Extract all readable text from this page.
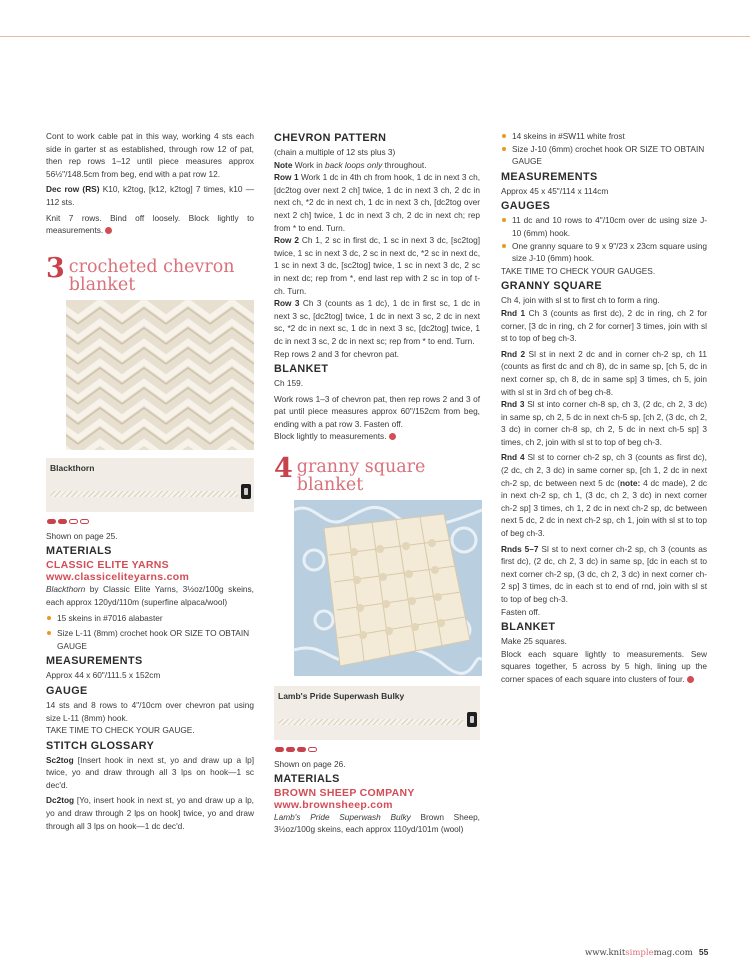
Cont to work cable pat in this way, working 4 sts each side in garter st as established, through row 12 of pat, then rep rows 1–12 until piece measures approx 56½"/148.5cm from beg, end with a pat row 12.

Dec row (RS) K10, k2tog, [k12, k2tog] 7 times, k10 — 112 sts.

Knit 7 rows. Bind off loosely. Block lightly to measurements.

3 crocheted chevron
blanket
Blackthorn

Shown on page 25.

MATERIALS
CLASSIC ELITE YARNS
www.classiceliteyarns.com

Blackthorn by Classic Elite Yarns, 3½oz/100g skeins, each approx 120yd/110m (superfine alpaca/wool)

15 skeins in #7016 alabaster

Size L-11 (8mm) crochet hook OR SIZE TO OBTAIN GAUGE

MEASUREMENTS

Approx 44 x 60"/111.5 x 152cm

GAUGE

14 sts and 8 rows to 4"/10cm over chevron pat using size L-11 (8mm) hook.

TAKE TIME TO CHECK YOUR GAUGE.

STITCH GLOSSARY

Sc2tog [Insert hook in next st, yo and draw up a lp] twice, yo and draw through all 3 lps on hook—1 sc dec'd.

Dc2tog [Yo, insert hook in next st, yo and draw up a lp, yo and draw through 2 lps on hook] twice, yo and draw through all 3 lps on hook—1 dc dec'd.

CHEVRON PATTERN

(chain a multiple of 12 sts plus 3)

Note Work in back loops only throughout.

Row 1 Work 1 dc in 4th ch from hook, 1 dc in next 3 ch, [dc2tog over next 2 ch] twice, 1 dc in next 3 ch, 2 dc in next ch, *2 dc in next ch, 1 dc in next 3 ch, [dc2tog over next 2 ch] twice, 1 dc in next 3 ch, 2 dc in next ch; rep from * to end. Turn.

Row 2 Ch 1, 2 sc in first dc, 1 sc in next 3 dc, [sc2tog] twice, 1 sc in next 3 dc, 2 sc in next dc, *2 sc in next dc, 1 sc in next 3 dc, [sc2tog] twice, 1 sc in next 3 dc, 2 sc in next dc; rep from *, end last rep with 2 sc in top of t-ch. Turn.

Row 3 Ch 3 (counts as 1 dc), 1 dc in first sc, 1 dc in next 3 sc, [dc2tog] twice, 1 dc in next 3 sc, 2 dc in next sc, *2 dc in next sc, 1 dc in next 3 sc, [dc2tog] twice, 1 dc in next 3 sc, 2 dc in next sc; rep from * to end. Turn.

Rep rows 2 and 3 for chevron pat.

BLANKET

Ch 159.

Work rows 1–3 of chevron pat, then rep rows 2 and 3 of pat until piece measures approx 60"/152cm from beg, ending with a pat row 3. Fasten off.

Block lightly to measurements.

4 granny square
blanket
Lamb's Pride Superwash Bulky

Shown on page 26.

MATERIALS
BROWN SHEEP COMPANY
www.brownsheep.com

Lamb's Pride Superwash Bulky Brown Sheep, 3½oz/100g skeins, each approx 110yd/101m (wool)

14 skeins in #SW11 white frost

Size J-10 (6mm) crochet hook OR SIZE TO OBTAIN GAUGE

MEASUREMENTS

Approx 45 x 45"/114 x 114cm

GAUGES

11 dc and 10 rows to 4"/10cm over dc using size J-10 (6mm) hook.

One granny square to 9 x 9"/23 x 23cm square using size J-10 (6mm) hook.

TAKE TIME TO CHECK YOUR GAUGES.

GRANNY SQUARE

Ch 4, join with sl st to first ch to form a ring.

Rnd 1 Ch 3 (counts as first dc), 2 dc in ring, ch 2 for corner, [3 dc in ring, ch 2 for corner] 3 times, join with sl st to top of beg ch-3.

Rnd 2 Sl st in next 2 dc and in corner ch-2 sp, ch 11 (counts as first dc and ch 8), dc in same sp, [ch 5, dc in next corner sp, ch 8, dc in same sp] 3 times, ch 5, join with sl st in 3rd ch of beg ch-8.

Rnd 3 Sl st into corner ch-8 sp, ch 3, (2 dc, ch 2, 3 dc) in same sp, ch 2, 5 dc in next ch-5 sp, [ch 2, (3 dc, ch 2, 3 dc) in corner ch-8 sp, ch 2, 5 dc in next ch-5 sp] 3 times, ch 2, join with sl st to top of beg ch-3.

Rnd 4 Sl st to corner ch-2 sp, ch 3 (counts as first dc), (2 dc, ch 2, 3 dc) in same corner sp, [ch 1, 2 dc in next ch-2 sp, dc between next 5 dc (note: 4 dc made), 2 dc in next ch-2 sp, ch 1, (3 dc, ch 2, 3 dc) in next corner ch-2 sp] 3 times, ch 1, 2 dc in next ch-2 sp, dc between next 5 dc, 2 dc in next ch-2 sp, ch 1, join with sl st to top of beg ch-3.

Rnds 5–7 Sl st to next corner ch-2 sp, ch 3 (counts as first dc), (2 dc, ch 2, 3 dc) in same sp, [dc in each st to next corner ch-2 sp, (3 dc, ch 2, 3 dc) in next corner ch-2 sp] 3 times, dc in each st to end of rnd, join with sl st to top of beg ch-3.

Fasten off.

BLANKET

Make 25 squares.

Block each square lightly to measurements. Sew squares together, 5 across by 5 high, lining up the corner spaces of each square into clusters of four.

www.knitsimplemag.com 55
